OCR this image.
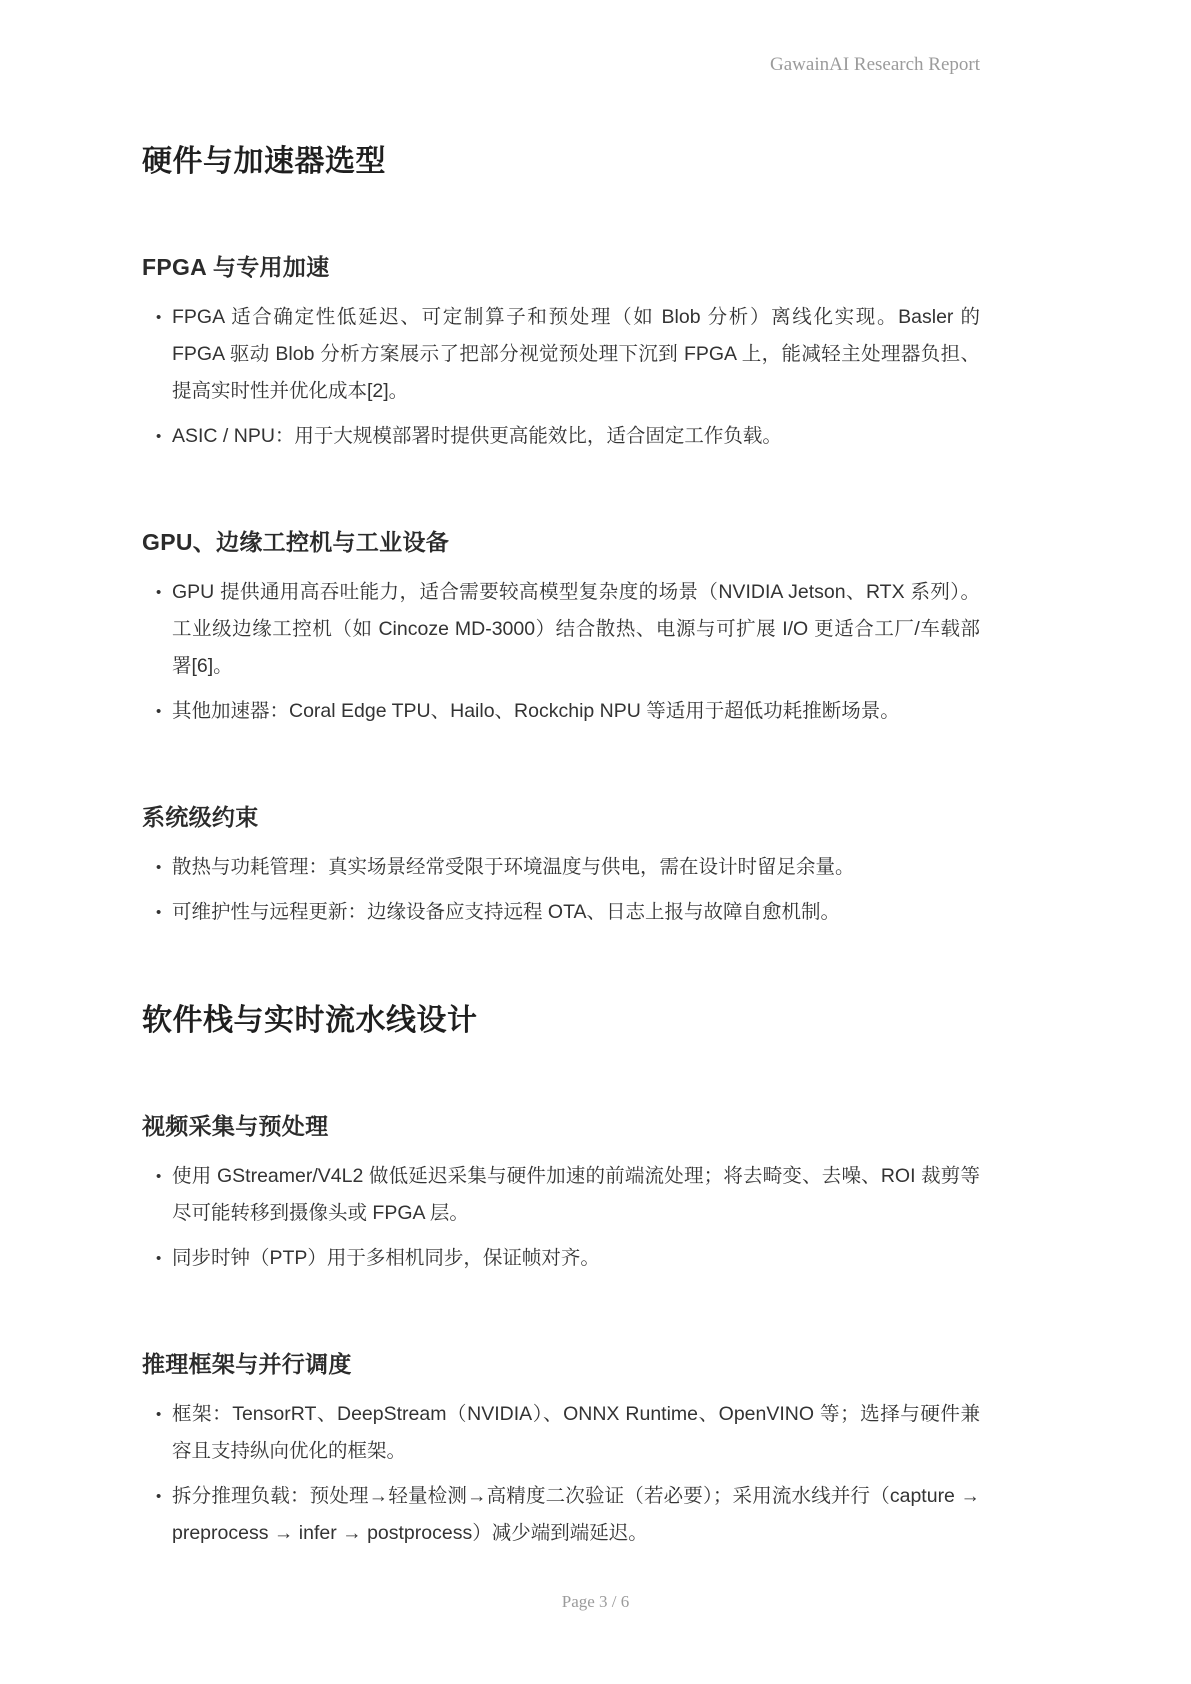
GawainAI Research Report
硬件与加速器选型
FPGA 与专用加速
• FPGA 适合确定性低延迟、可定制算子和预处理（如 Blob 分析）离线化实现。Basler 的 FPGA 驱动 Blob 分析方案展示了把部分视觉预处理下沉到 FPGA 上，能减轻主处理器负担、提高实时性并优化成本[2]。
• ASIC / NPU：用于大规模部署时提供更高能效比，适合固定工作负载。
GPU、边缘工控机与工业设备
• GPU 提供通用高吞吐能力，适合需要较高模型复杂度的场景（NVIDIA Jetson、RTX 系列）。工业级边缘工控机（如 Cincoze MD-3000）结合散热、电源与可扩展 I/O 更适合工厂/车载部署[6]。
• 其他加速器：Coral Edge TPU、Hailo、Rockchip NPU 等适用于超低功耗推断场景。
系统级约束
• 散热与功耗管理：真实场景经常受限于环境温度与供电，需在设计时留足余量。
• 可维护性与远程更新：边缘设备应支持远程 OTA、日志上报与故障自愈机制。
软件栈与实时流水线设计
视频采集与预处理
• 使用 GStreamer/V4L2 做低延迟采集与硬件加速的前端流处理；将去畸变、去噪、ROI 裁剪等尽可能转移到摄像头或 FPGA 层。
• 同步时钟（PTP）用于多相机同步，保证帧对齐。
推理框架与并行调度
• 框架：TensorRT、DeepStream（NVIDIA）、ONNX Runtime、OpenVINO 等；选择与硬件兼容且支持纵向优化的框架。
• 拆分推理负载：预处理→轻量检测→高精度二次验证（若必要）；采用流水线并行（capture → preprocess → infer → postprocess）减少端到端延迟。
Page 3 / 6
